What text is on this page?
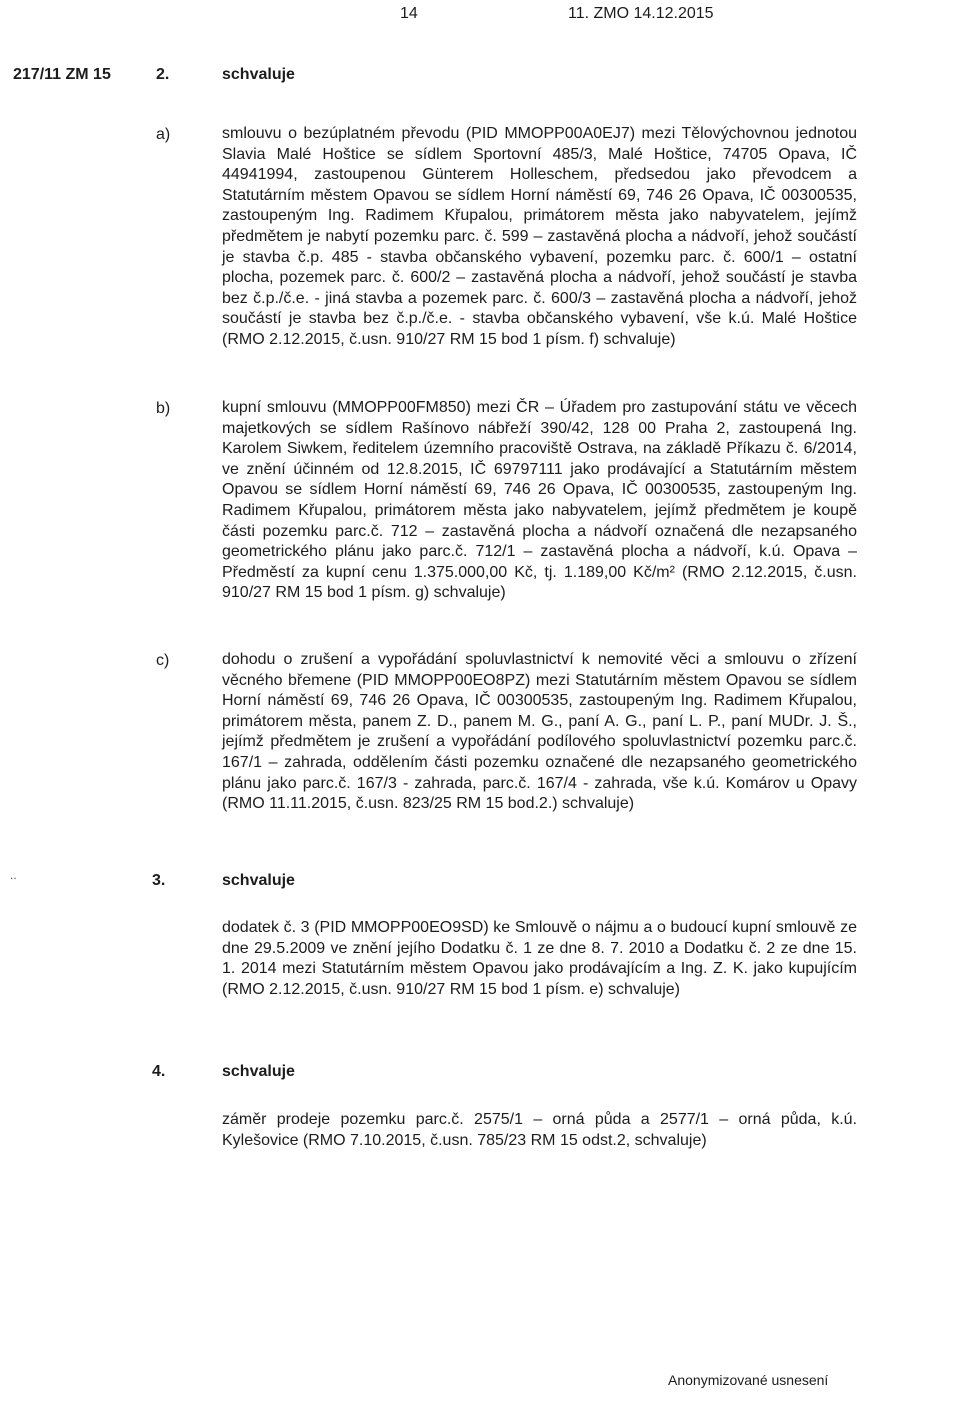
14	11. ZMO 14.12.2015
217/11 ZM 15	2.	schvaluje
a)	smlouvu o bezúplatném převodu (PID MMOPP00A0EJ7) mezi Tělovýchovnou jednotou Slavia Malé Hoštice se sídlem Sportovní 485/3, Malé Hoštice, 74705 Opava, IČ 44941994, zastoupenou Günterem Holleschem, předsedou jako převodcem a Statutárním městem Opavou se sídlem Horní náměstí 69, 746 26 Opava, IČ 00300535, zastoupeným Ing. Radimem Křupalou, primátorem města jako nabyvatelem, jejímž předmětem je nabytí pozemku parc. č. 599 – zastavěná plocha a nádvoří, jehož součástí je stavba č.p. 485 - stavba občanského vybavení, pozemku parc. č. 600/1 – ostatní plocha, pozemek parc. č. 600/2 – zastavěná plocha a nádvoří, jehož součástí je stavba bez č.p./č.e. - jiná stavba a pozemek parc. č. 600/3 – zastavěná plocha a nádvoří, jehož součástí je stavba bez č.p./č.e. - stavba občanského vybavení, vše k.ú. Malé Hoštice (RMO 2.12.2015, č.usn. 910/27 RM 15 bod 1 písm. f) schvaluje)

b)	kupní smlouvu (MMOPP00FM850) mezi ČR – Úřadem pro zastupování státu ve věcech majetkových se sídlem Rašínovo nábřeží 390/42, 128 00 Praha 2, zastoupená Ing. Karolem Siwkem, ředitelem územního pracoviště Ostrava, na základě Příkazu č. 6/2014, ve znění účinném od 12.8.2015, IČ 69797111 jako prodávající a Statutárním městem Opavou se sídlem Horní náměstí 69, 746 26 Opava, IČ 00300535, zastoupeným Ing. Radimem Křupalou, primátorem města jako nabyvatelem, jejímž předmětem je koupě části pozemku parc.č. 712 – zastavěná plocha a nádvoří označená dle nezapsaného geometrického plánu jako parc.č. 712/1 – zastavěná plocha a nádvoří, k.ú. Opava – Předměstí za kupní cenu 1.375.000,00 Kč, tj. 1.189,00 Kč/m² (RMO 2.12.2015, č.usn. 910/27 RM 15 bod 1 písm. g) schvaluje)

c)	dohodu o zrušení a vypořádání spoluvlastnictví k nemovité věci a smlouvu o zřízení věcného břemene (PID MMOPP00EO8PZ) mezi Statutárním městem Opavou se sídlem Horní náměstí 69, 746 26 Opava, IČ 00300535, zastoupeným Ing. Radimem Křupalou, primátorem města, panem Z. D., panem M. G., paní A. G., paní L. P., paní MUDr. J. Š., jejímž předmětem je zrušení a vypořádání podílového spoluvlastnictví pozemku parc.č. 167/1 – zahrada, oddělením části pozemku označené dle nezapsaného geometrického plánu jako parc.č. 167/3 - zahrada, parc.č. 167/4 - zahrada, vše k.ú. Komárov u Opavy (RMO 11.11.2015, č.usn. 823/25 RM 15 bod.2.) schvaluje)

..	3.	schvaluje

dodatek č. 3 (PID MMOPP00EO9SD) ke Smlouvě o nájmu a o budoucí kupní smlouvě ze dne 29.5.2009 ve znění jejího Dodatku č. 1 ze dne 8. 7. 2010 a Dodatku č. 2 ze dne 15. 1. 2014 mezi Statutárním městem Opavou jako prodávajícím a Ing. Z. K. jako kupujícím (RMO 2.12.2015, č.usn. 910/27 RM 15 bod 1 písm. e) schvaluje)

4.	schvaluje

záměr prodeje pozemku parc.č. 2575/1 – orná půda a 2577/1 – orná půda, k.ú. Kylešovice (RMO 7.10.2015, č.usn. 785/23 RM 15 odst.2, schvaluje)

Anonymizované usnesení
